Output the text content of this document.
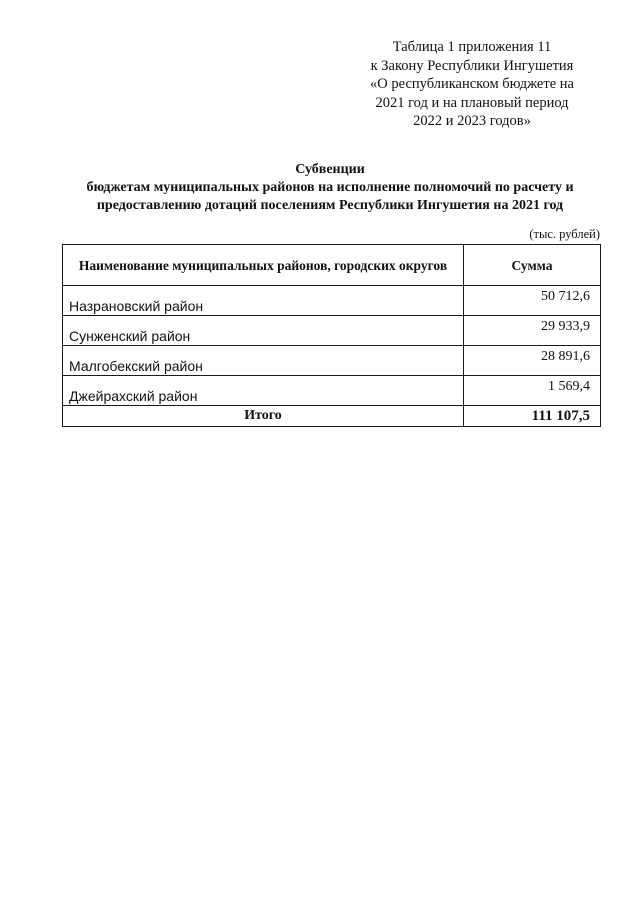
Таблица 1 приложения 11
к Закону Республики Ингушетия
«О республиканском бюджете на
2021 год и на плановый период
2022 и 2023 годов»
Субвенции
бюджетам муниципальных районов на исполнение полномочий по расчету и
предоставлению дотаций поселениям Республики Ингушетия на 2021 год
(тыс. рублей)
Наименование муниципальных районов, городских округов	Сумма
Назрановский район	50 712,6
Сунженский район	29 933,9
Малгобекский район	28 891,6
Джейрахский район	1 569,4
Итого	111 107,5
